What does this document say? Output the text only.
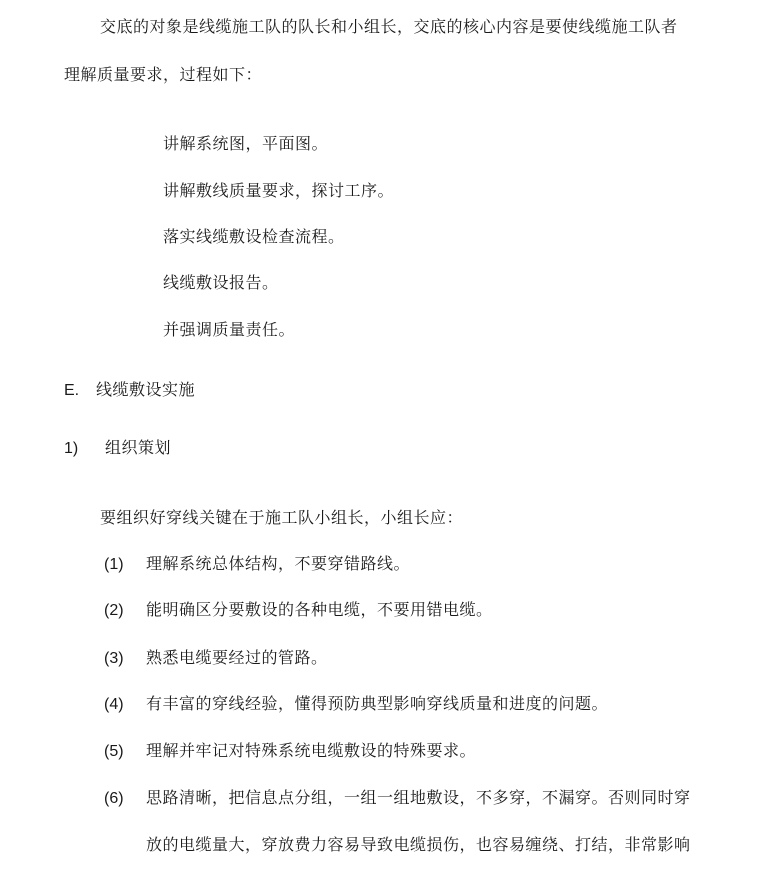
交底的对象是线缆施工队的队长和小组长，交底的核心内容是要使线缆施工队者
理解质量要求，过程如下：
讲解系统图，平面图。
讲解敷线质量要求，探讨工序。
落实线缆敷设检查流程。
线缆敷设报告。
并强调质量责任。
E. 线缆敷设实施
1) 组织策划
要组织好穿线关键在于施工队小组长，小组长应：
(1) 理解系统总体结构，不要穿错路线。
(2) 能明确区分要敷设的各种电缆，不要用错电缆。
(3) 熟悉电缆要经过的管路。
(4) 有丰富的穿线经验，懂得预防典型影响穿线质量和进度的问题。
(5) 理解并牢记对特殊系统电缆敷设的特殊要求。
(6) 思路清晰，把信息点分组，一组一组地敷设，不多穿，不漏穿。否则同时穿
放的电缆量大，穿放费力容易导致电缆损伤，也容易缠绕、打结，非常影响
